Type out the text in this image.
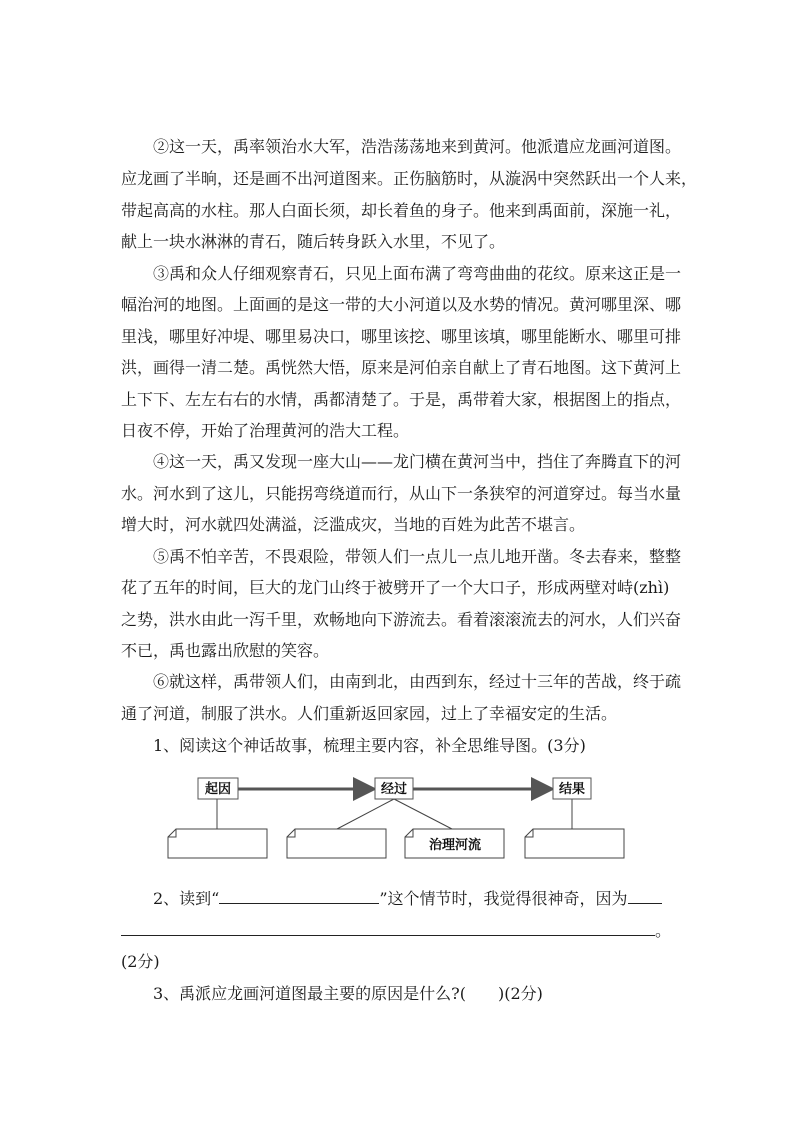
　　②这一天，禹率领治水大军，浩浩荡荡地来到黄河。他派遣应龙画河道图。
应龙画了半晌，还是画不出河道图来。正伤脑筋时，从漩涡中突然跃出一个人来，
带起高高的水柱。那人白面长须，却长着鱼的身子。他来到禹面前，深施一礼，
献上一块水淋淋的青石，随后转身跃入水里，不见了。
　　③禹和众人仔细观察青石，只见上面布满了弯弯曲曲的花纹。原来这正是一
幅治河的地图。上面画的是这一带的大小河道以及水势的情况。黄河哪里深、哪
里浅，哪里好冲堤、哪里易决口，哪里该挖、哪里该填，哪里能断水、哪里可排
洪，画得一清二楚。禹恍然大悟，原来是河伯亲自献上了青石地图。这下黄河上
上下下、左左右右的水情，禹都清楚了。于是，禹带着大家，根据图上的指点，
日夜不停，开始了治理黄河的浩大工程。
　　④这一天，禹又发现一座大山——龙门横在黄河当中，挡住了奔腾直下的河
水。河水到了这儿，只能拐弯绕道而行，从山下一条狭窄的河道穿过。每当水量
增大时，河水就四处满溢，泛滥成灾，当地的百姓为此苦不堪言。
　　⑤禹不怕辛苦，不畏艰险，带领人们一点儿一点儿地开凿。冬去春来，整整
花了五年的时间，巨大的龙门山终于被劈开了一个大口子，形成两壁对峙(zhì)
之势，洪水由此一泻千里，欢畅地向下游流去。看着滚滚流去的河水，人们兴奋
不已，禹也露出欣慰的笑容。
　　⑥就这样，禹带领人们，由南到北，由西到东，经过十三年的苦战，终于疏
通了河道，制服了洪水。人们重新返回家园，过上了幸福安定的生活。
1、阅读这个神话故事，梳理主要内容，补全思维导图。(3分)
起因	经过	结果
治理河流
2、读到“	”这个情节时，我觉得很神奇，因为
。
(2分)
3、禹派应龙画河道图最主要的原因是什么?(　　)(2分)
